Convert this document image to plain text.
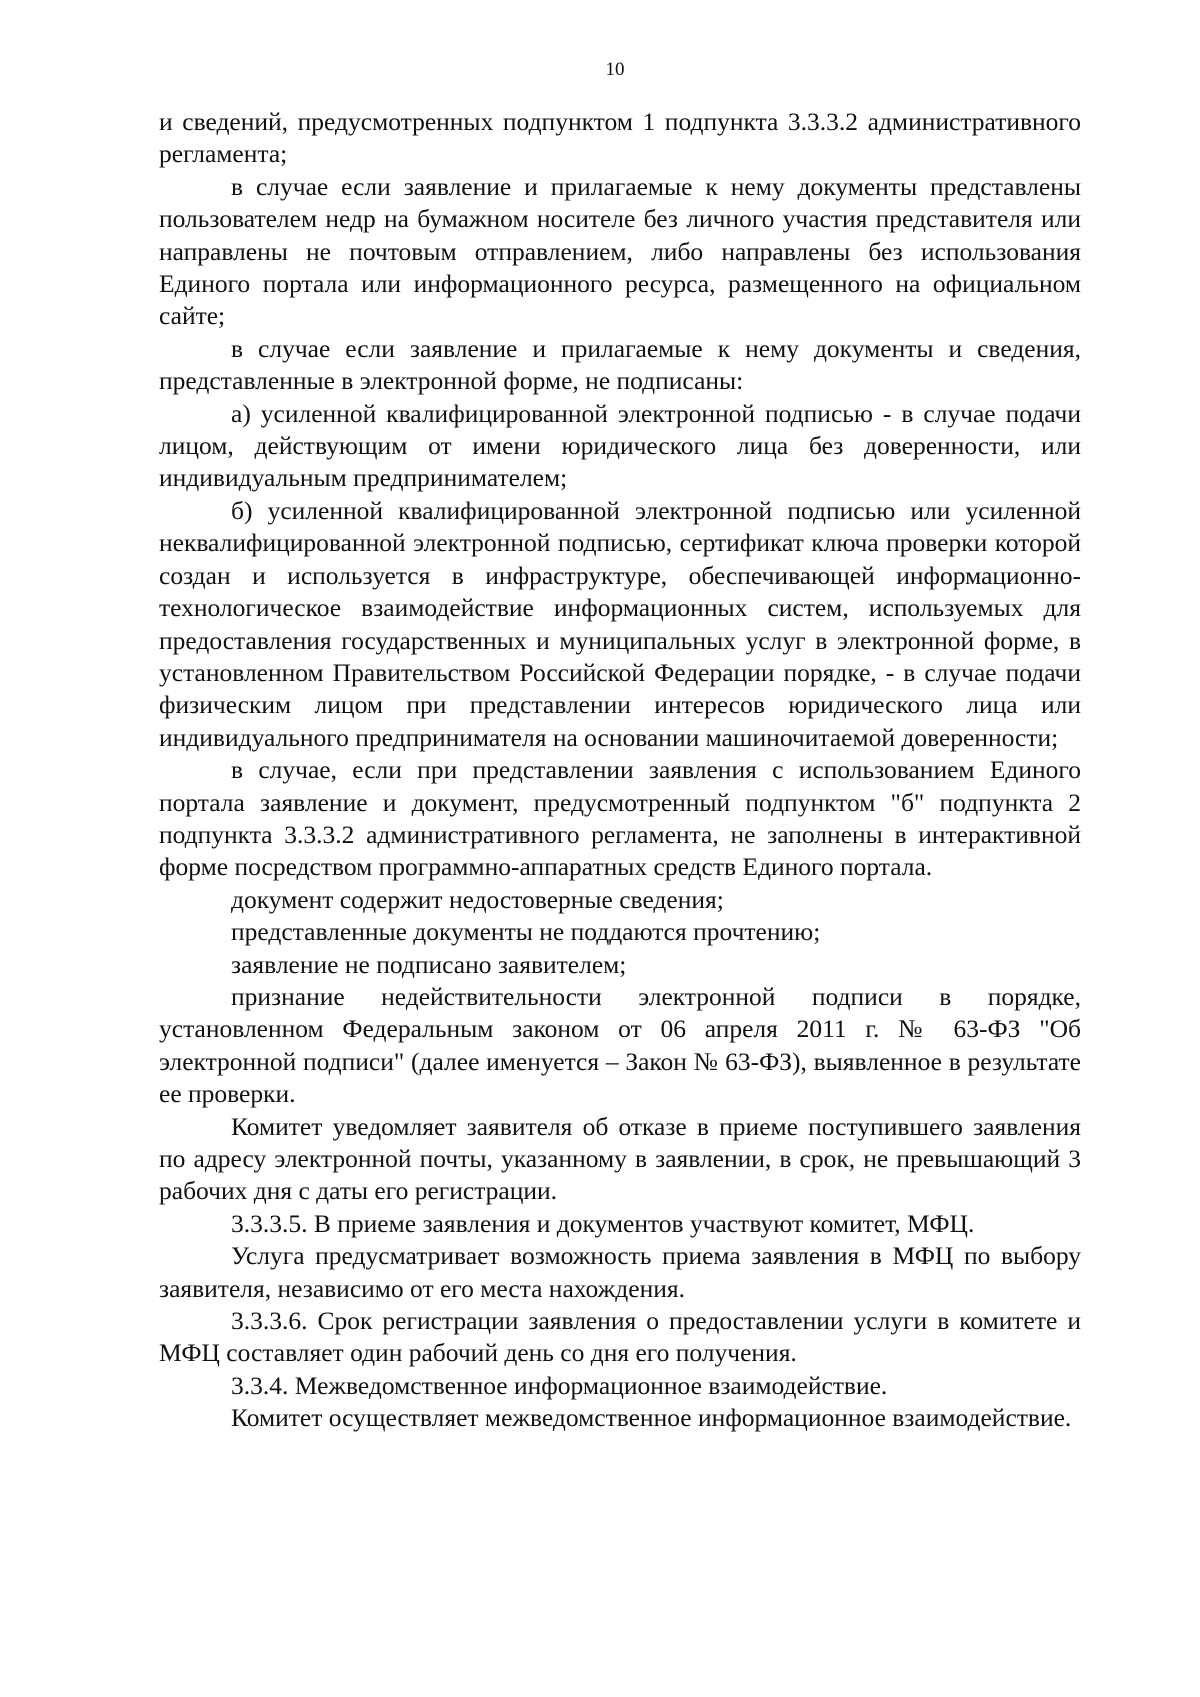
10

и сведений, предусмотренных подпунктом 1 подпункта 3.3.3.2 административного регламента;

в случае если заявление и прилагаемые к нему документы представлены пользователем недр на бумажном носителе без личного участия представителя или направлены не почтовым отправлением, либо направлены без использования Единого портала или информационного ресурса, размещенного на официальном сайте;

в случае если заявление и прилагаемые к нему документы и сведения, представленные в электронной форме, не подписаны:

а) усиленной квалифицированной электронной подписью - в случае подачи лицом, действующим от имени юридического лица без доверенности, или индивидуальным предпринимателем;

б) усиленной квалифицированной электронной подписью или усиленной неквалифицированной электронной подписью, сертификат ключа проверки которой создан и используется в инфраструктуре, обеспечивающей информационно-технологическое взаимодействие информационных систем, используемых для предоставления государственных и муниципальных услуг в электронной форме, в установленном Правительством Российской Федерации порядке, - в случае подачи физическим лицом при представлении интересов юридического лица или индивидуального предпринимателя на основании машиночитаемой доверенности;

в случае, если при представлении заявления с использованием Единого портала заявление и документ, предусмотренный подпунктом "б" подпункта 2 подпункта 3.3.3.2 административного регламента, не заполнены в интерактивной форме посредством программно-аппаратных средств Единого портала.

документ содержит недостоверные сведения;

представленные документы не поддаются прочтению;

заявление не подписано заявителем;

признание недействительности электронной подписи в порядке, установленном Федеральным законом от 06 апреля 2011 г. № 63-ФЗ "Об электронной подписи" (далее именуется – Закон № 63-ФЗ), выявленное в результате ее проверки.

Комитет уведомляет заявителя об отказе в приеме поступившего заявления по адресу электронной почты, указанному в заявлении, в срок, не превышающий 3 рабочих дня с даты его регистрации.

3.3.3.5. В приеме заявления и документов участвуют комитет, МФЦ.

Услуга предусматривает возможность приема заявления в МФЦ по выбору заявителя, независимо от его места нахождения.

3.3.3.6. Срок регистрации заявления о предоставлении услуги в комитете и МФЦ составляет один рабочий день со дня его получения.

3.3.4. Межведомственное информационное взаимодействие.

Комитет осуществляет межведомственное информационное взаимодействие.
